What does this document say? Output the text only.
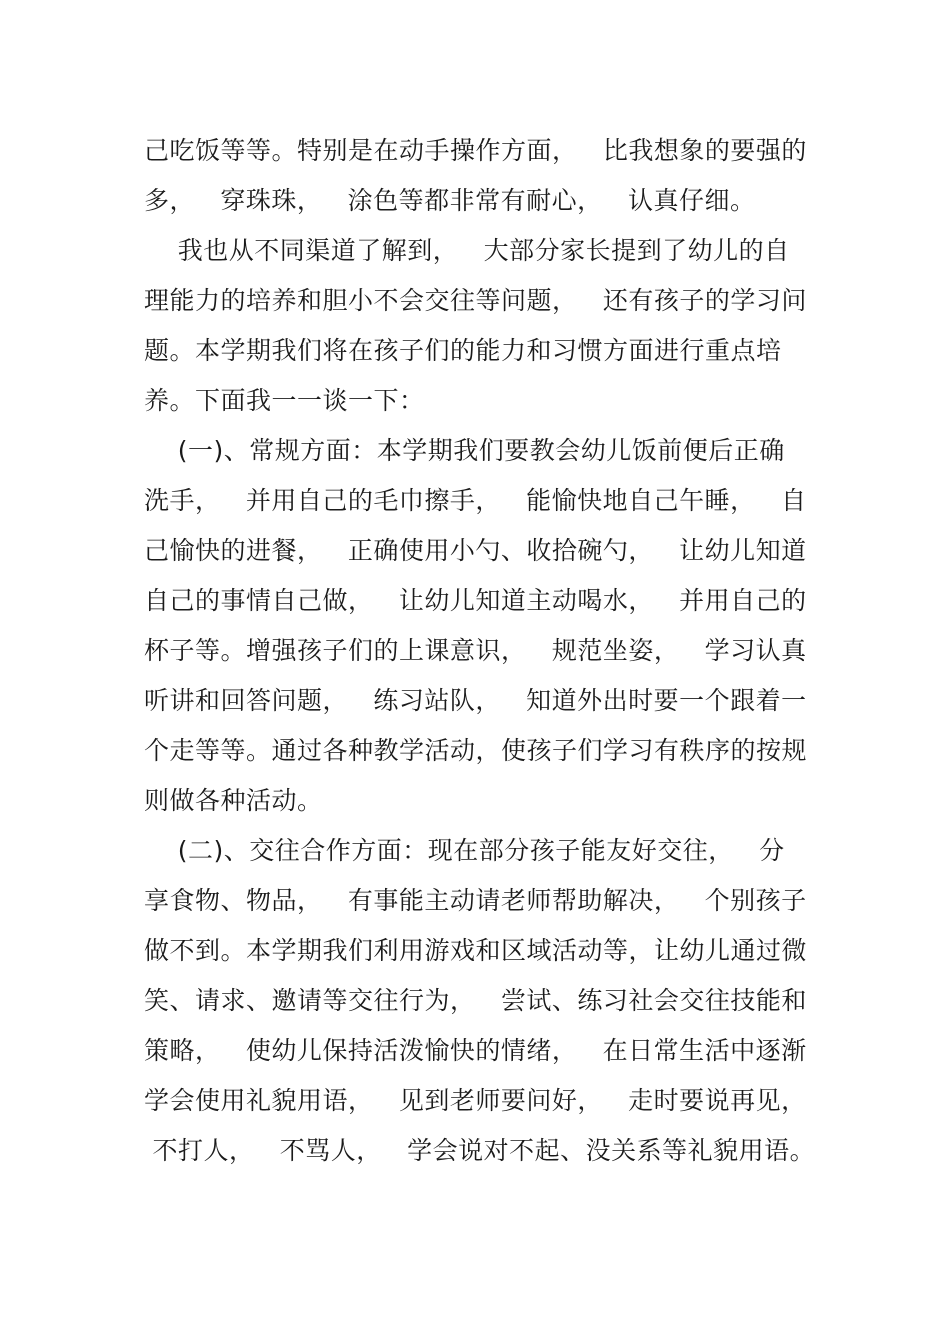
己吃饭等等。特别是在动手操作方面，   比我想象的要强的
多，   穿珠珠，   涂色等都非常有耐心，   认真仔细。
我也从不同渠道了解到，   大部分家长提到了幼儿的自
理能力的培养和胆小不会交往等问题，   还有孩子的学习问
题。本学期我们将在孩子们的能力和习惯方面进行重点培
养。下面我一一谈一下：
(一)、常规方面：本学期我们要教会幼儿饭前便后正确
洗手，   并用自己的毛巾擦手，   能愉快地自己午睡，   自
己愉快的进餐，   正确使用小勺、收拾碗勺，   让幼儿知道
自己的事情自己做，   让幼儿知道主动喝水，   并用自己的
杯子等。增强孩子们的上课意识，   规范坐姿，   学习认真
听讲和回答问题，   练习站队，   知道外出时要一个跟着一
个走等等。通过各种教学活动，使孩子们学习有秩序的按规
则做各种活动。
(二)、交往合作方面：现在部分孩子能友好交往，   分
享食物、物品，   有事能主动请老师帮助解决，   个别孩子
做不到。本学期我们利用游戏和区域活动等，让幼儿通过微
笑、请求、邀请等交往行为，   尝试、练习社会交往技能和
策略，   使幼儿保持活泼愉快的情绪，   在日常生活中逐渐
学会使用礼貌用语，   见到老师要问好，   走时要说再见，
不打人，   不骂人，   学会说对不起、没关系等礼貌用语。
